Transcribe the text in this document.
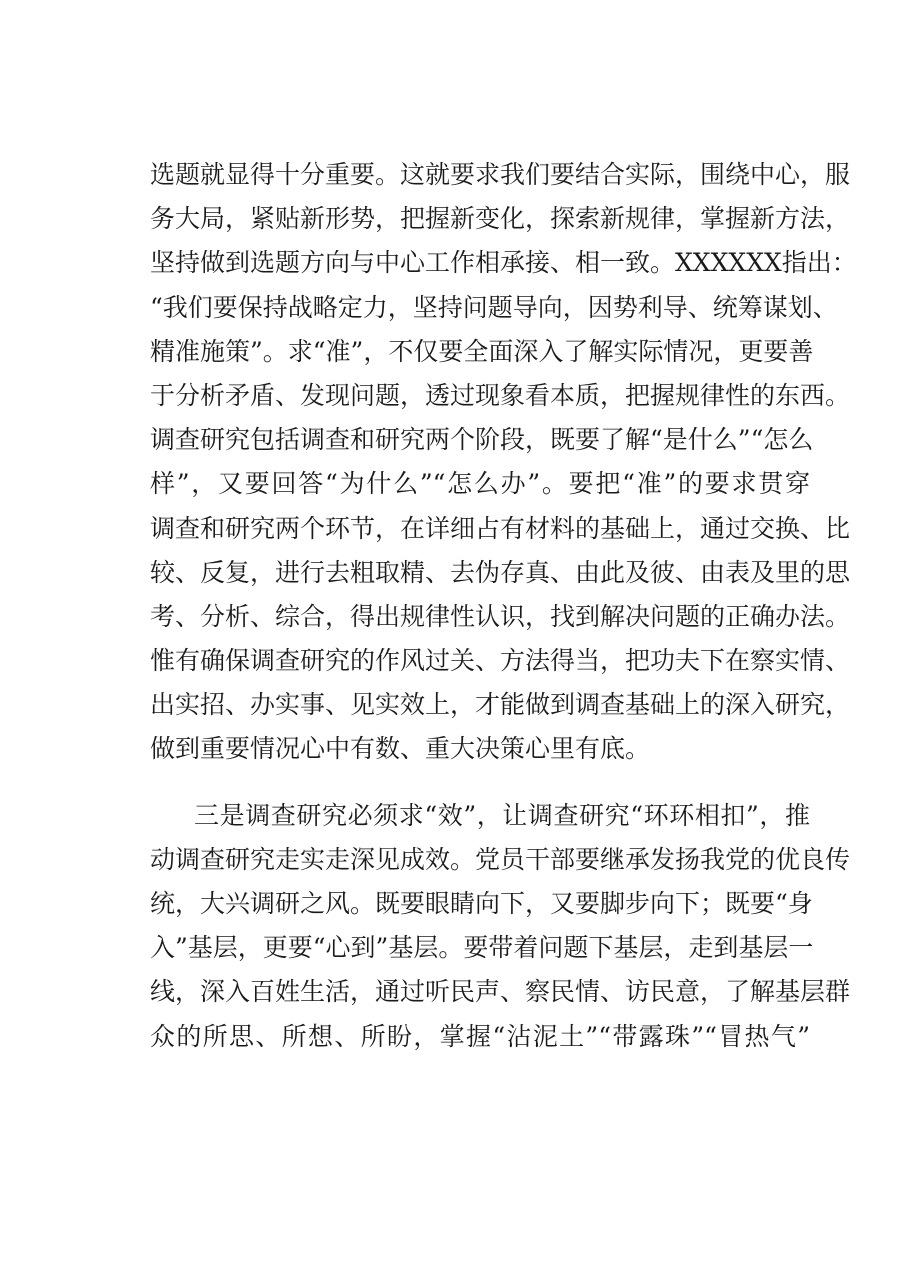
选题就显得十分重要。这就要求我们要结合实际，围绕中心，服
务大局，紧贴新形势，把握新变化，探索新规律，掌握新方法，
坚持做到选题方向与中心工作相承接、相一致。XXXXXX指出：
“我们要保持战略定力，坚持问题导向，因势利导、统筹谋划、
精准施策”。求“准”，不仅要全面深入了解实际情况，更要善
于分析矛盾、发现问题，透过现象看本质，把握规律性的东西。
调查研究包括调查和研究两个阶段，既要了解“是什么”“怎么
样”，又要回答“为什么”“怎么办”。要把“准”的要求贯穿
调查和研究两个环节，在详细占有材料的基础上，通过交换、比
较、反复，进行去粗取精、去伪存真、由此及彼、由表及里的思
考、分析、综合，得出规律性认识，找到解决问题的正确办法。
惟有确保调查研究的作风过关、方法得当，把功夫下在察实情、
出实招、办实事、见实效上，才能做到调查基础上的深入研究，
做到重要情况心中有数、重大决策心里有底。
三是调查研究必须求“效”，让调查研究“环环相扣”，推
动调查研究走实走深见成效。党员干部要继承发扬我党的优良传
统，大兴调研之风。既要眼睛向下，又要脚步向下；既要“身
入”基层，更要“心到”基层。要带着问题下基层，走到基层一
线，深入百姓生活，通过听民声、察民情、访民意，了解基层群
众的所思、所想、所盼，掌握“沾泥土”“带露珠”“冒热气”
